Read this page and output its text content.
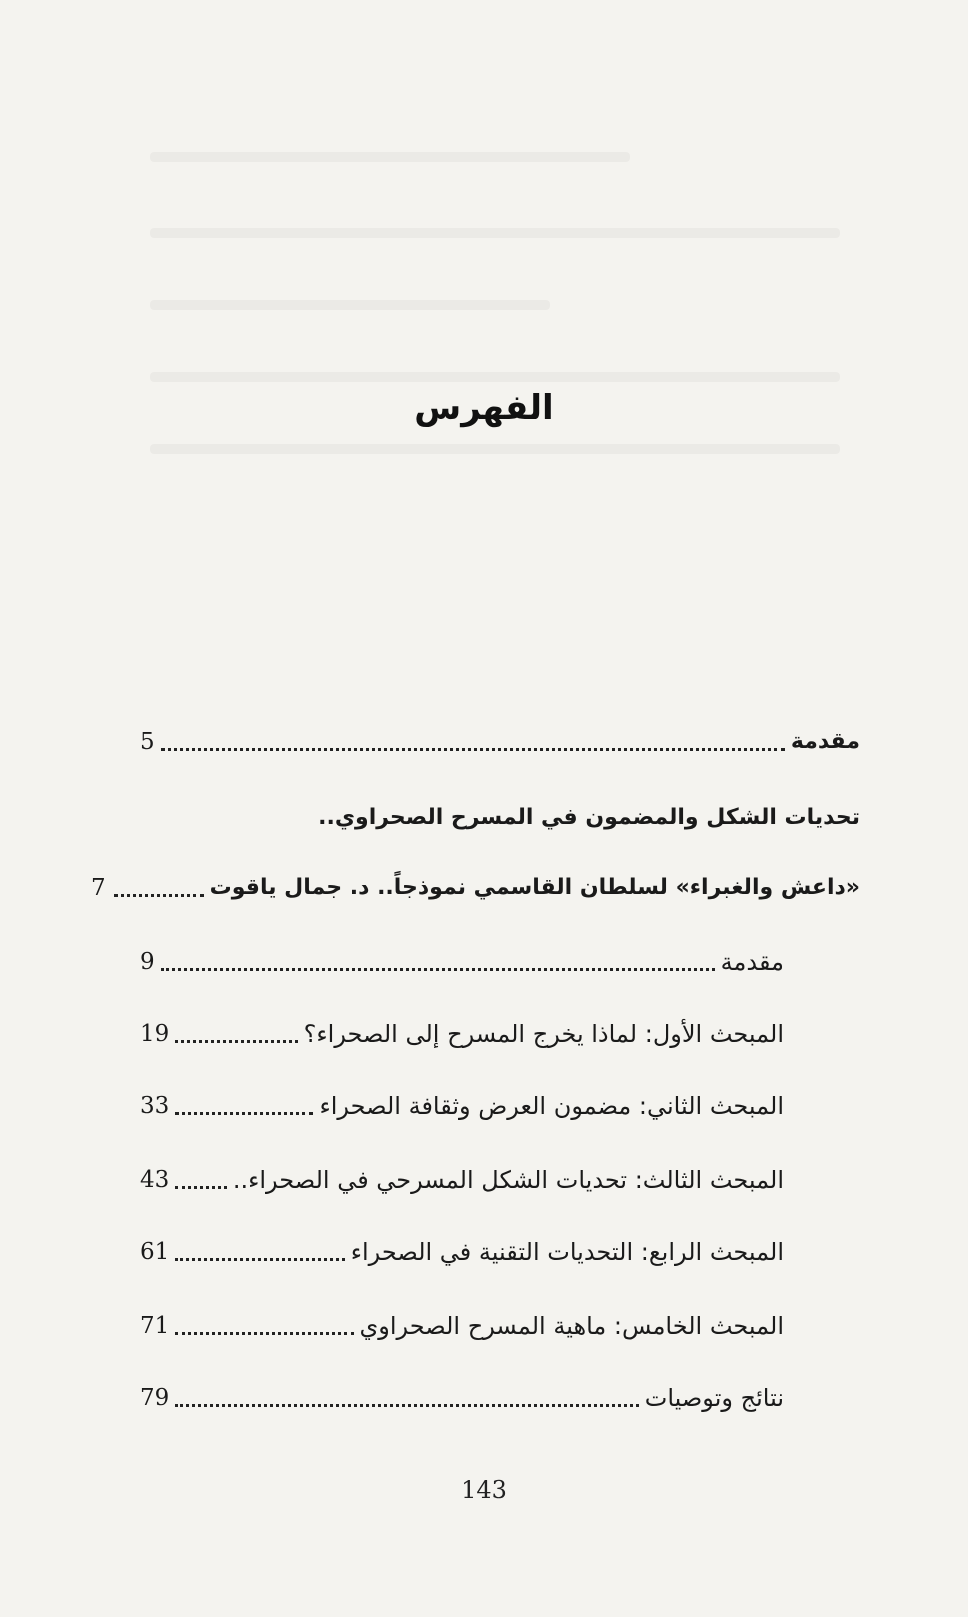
الفهرس
مقدمة
5
تحديات الشكل والمضمون في المسرح الصحراوي..
«داعش والغبراء» لسلطان القاسمي نموذجاً.. د. جمال ياقوت
7
مقدمة
9
المبحث الأول: لماذا يخرج المسرح إلى الصحراء؟
19
المبحث الثاني: مضمون العرض وثقافة الصحراء
33
المبحث الثالث: تحديات الشكل المسرحي في الصحراء..
43
المبحث الرابع: التحديات التقنية في الصحراء
61
المبحث الخامس: ماهية المسرح الصحراوي
71
نتائج وتوصيات
79
143
